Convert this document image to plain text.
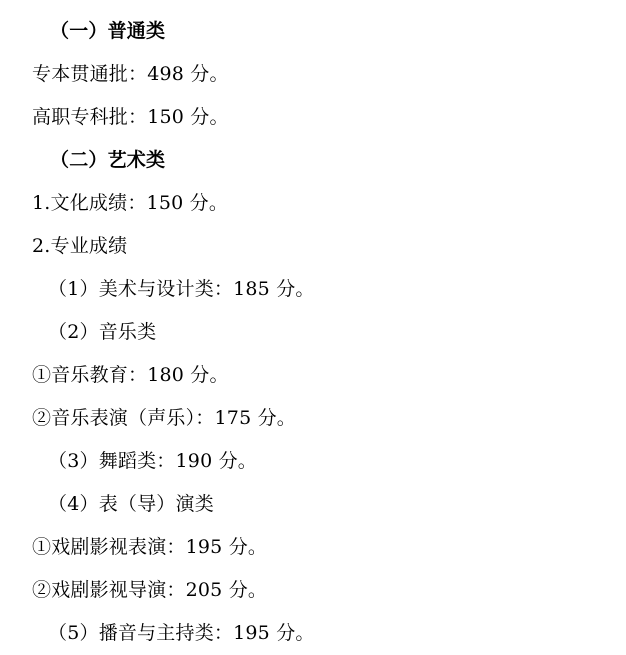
（一）普通类
专本贯通批：498 分。
高职专科批：150 分。
（二）艺术类
1.文化成绩：150 分。
2.专业成绩
（1）美术与设计类：185 分。
（2）音乐类
①音乐教育：180 分。
②音乐表演（声乐）：175 分。
（3）舞蹈类：190 分。
（4）表（导）演类
①戏剧影视表演：195 分。
②戏剧影视导演：205 分。
（5）播音与主持类：195 分。
